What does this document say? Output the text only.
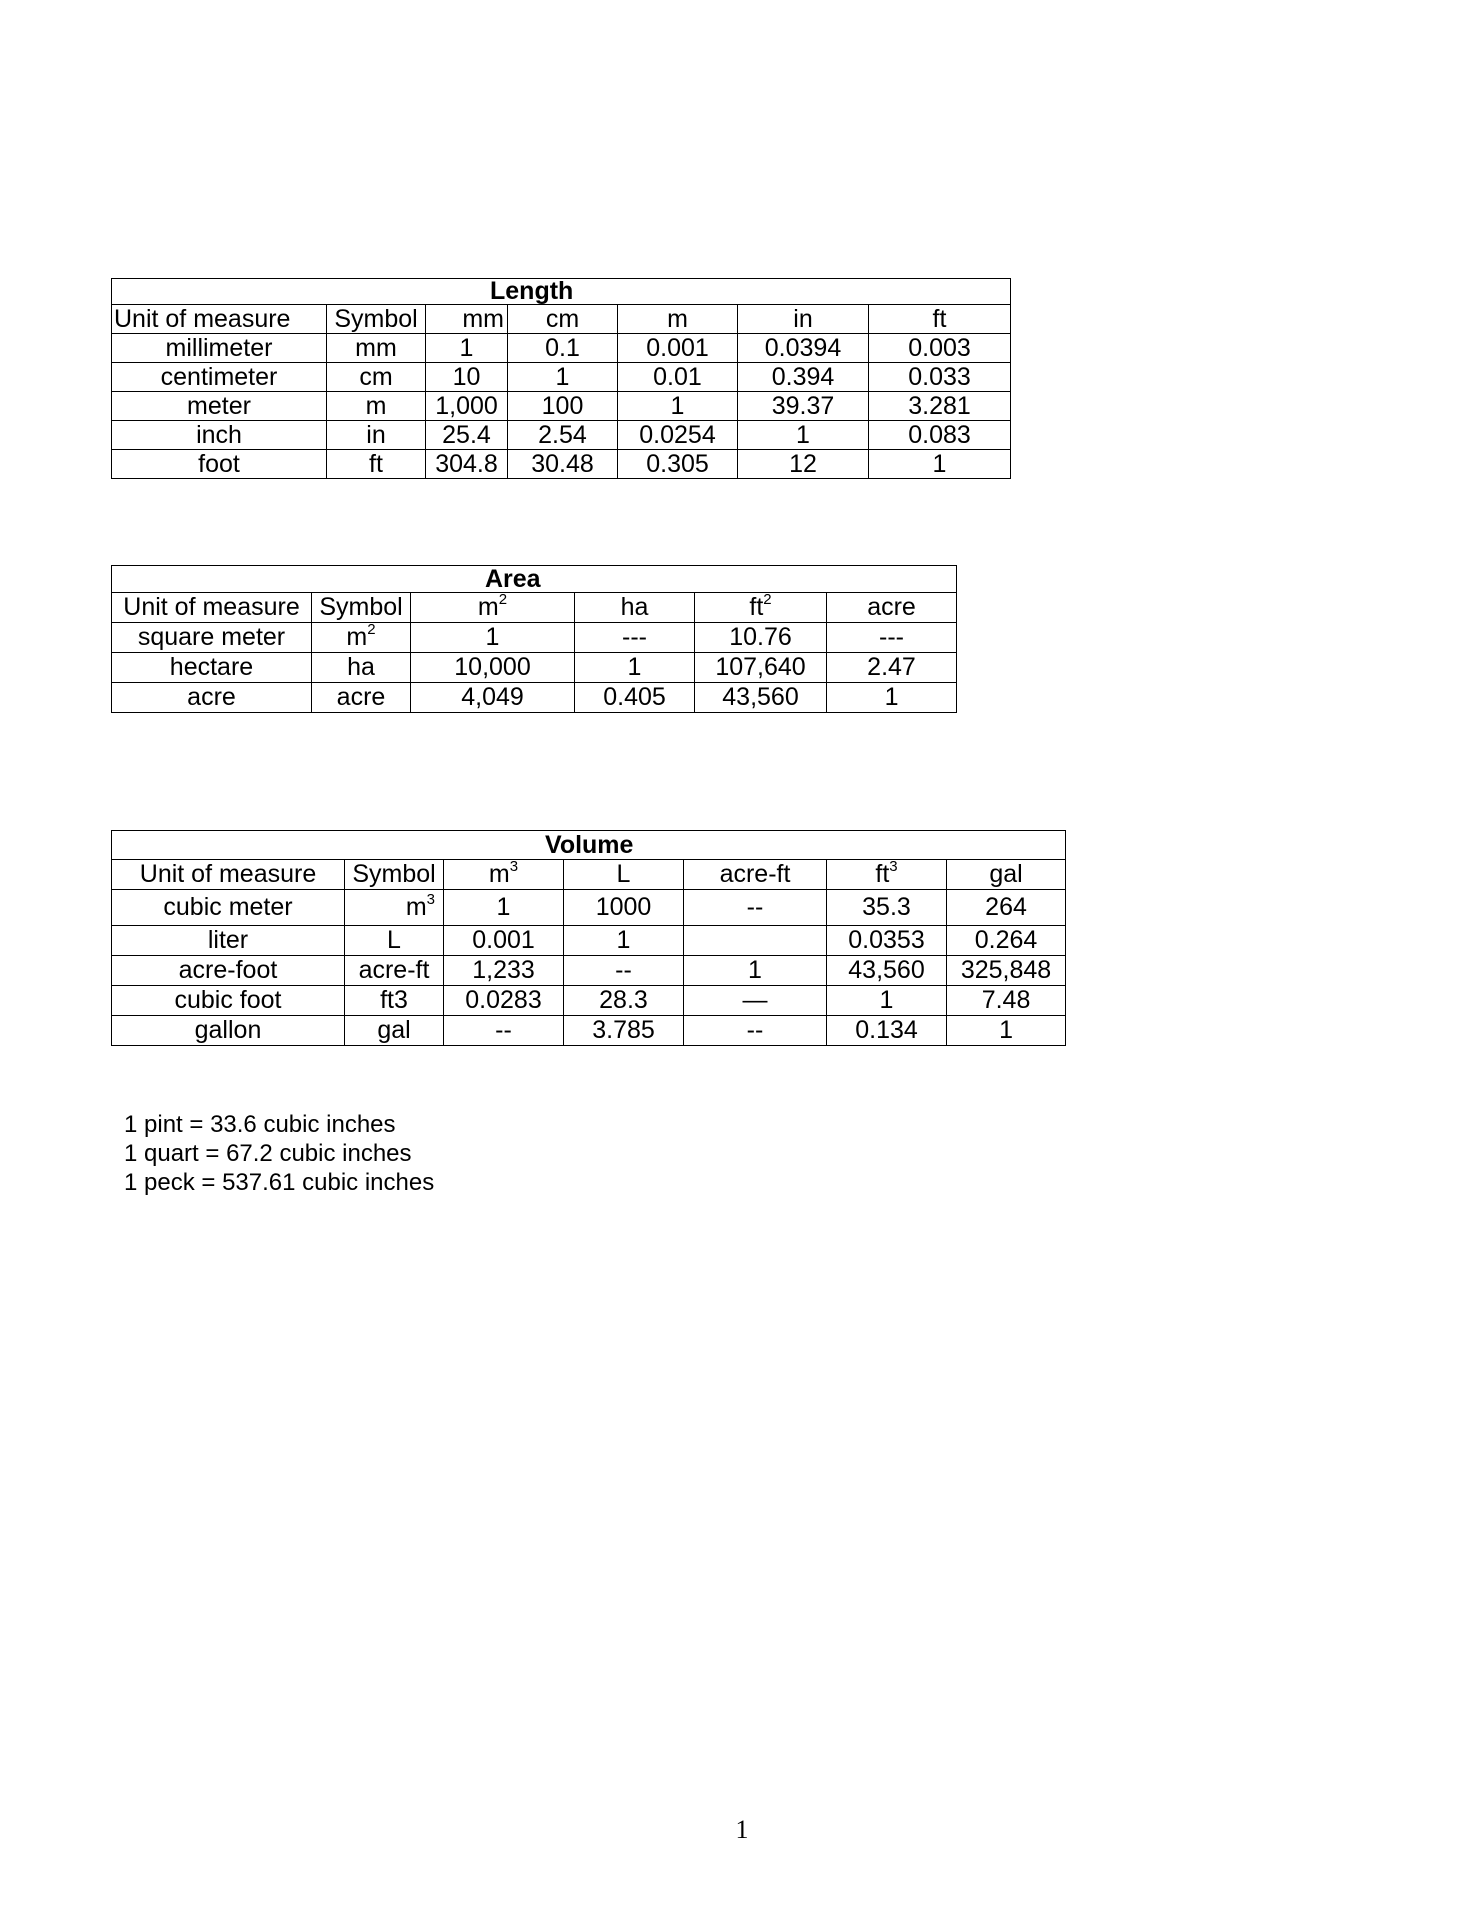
Length						
Unit of measure	Symbol	mm	cm	m	in	ft
millimeter	mm	1	0.1	0.001	0.0394	0.003
centimeter	cm	10	1	0.01	0.394	0.033
meter	m	1,000	100	1	39.37	3.281
inch	in	25.4	2.54	0.0254	1	0.083
foot	ft	304.8	30.48	0.305	12	1
Area					
Unit of measure	Symbol	$m^2$	ha	$ft^2$	acre
square meter	$m^2$	1	---	10.76	---
hectare	ha	10,000	1	107,640	2.47
acre	acre	4,049	0.405	43,560	1
Volume						
Unit of measure	Symbol	$m^3$	L	acre-ft	$ft^3$	gal
cubic meter	$m^3$	1	1000	--	35.3	264
liter	L	0.001	1		0.0353	0.264
acre-foot	acre-ft	1,233	--	1	43,560	325,848
cubic foot	ft3	0.0283	28.3	—	1	7.48
gallon	gal	--	3.785	--	0.134	1
1 pint = 33.6 cubic inches
1 quart = 67.2 cubic inches
1 peck = 537.61 cubic inches
1
